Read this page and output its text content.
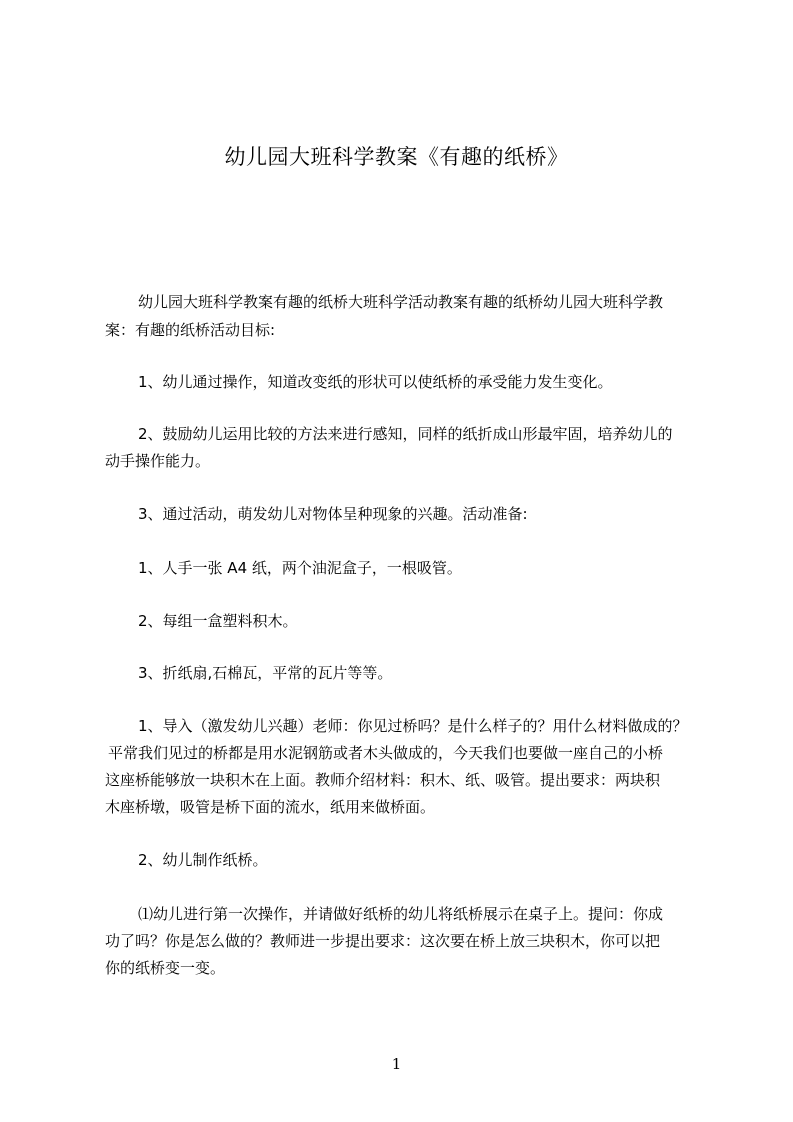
幼儿园大班科学教案《有趣的纸桥》
幼儿园大班科学教案有趣的纸桥大班科学活动教案有趣的纸桥幼儿园大班科学教
案：有趣的纸桥活动目标:
1、幼儿通过操作，知道改变纸的形状可以使纸桥的承受能力发生变化。
2、鼓励幼儿运用比较的方法来进行感知，同样的纸折成山形最牢固，培养幼儿的
动手操作能力。
3、通过活动，萌发幼儿对物体呈种现象的兴趣。活动准备:
1、人手一张 A4 纸，两个油泥盒子，一根吸管。
2、每组一盒塑料积木。
3、折纸扇,石棉瓦，平常的瓦片等等。
1、导入（激发幼儿兴趣）老师：你见过桥吗？是什么样子的？用什么材料做成的？
平常我们见过的桥都是用水泥钢筋或者木头做成的，今天我们也要做一座自己的小桥
这座桥能够放一块积木在上面。教师介绍材料：积木、纸、吸管。提出要求：两块积
木座桥墩，吸管是桥下面的流水，纸用来做桥面。
2、幼儿制作纸桥。
⑴幼儿进行第一次操作，并请做好纸桥的幼儿将纸桥展示在桌子上。提问：你成
功了吗？你是怎么做的？教师进一步提出要求：这次要在桥上放三块积木，你可以把
你的纸桥变一变。
1
